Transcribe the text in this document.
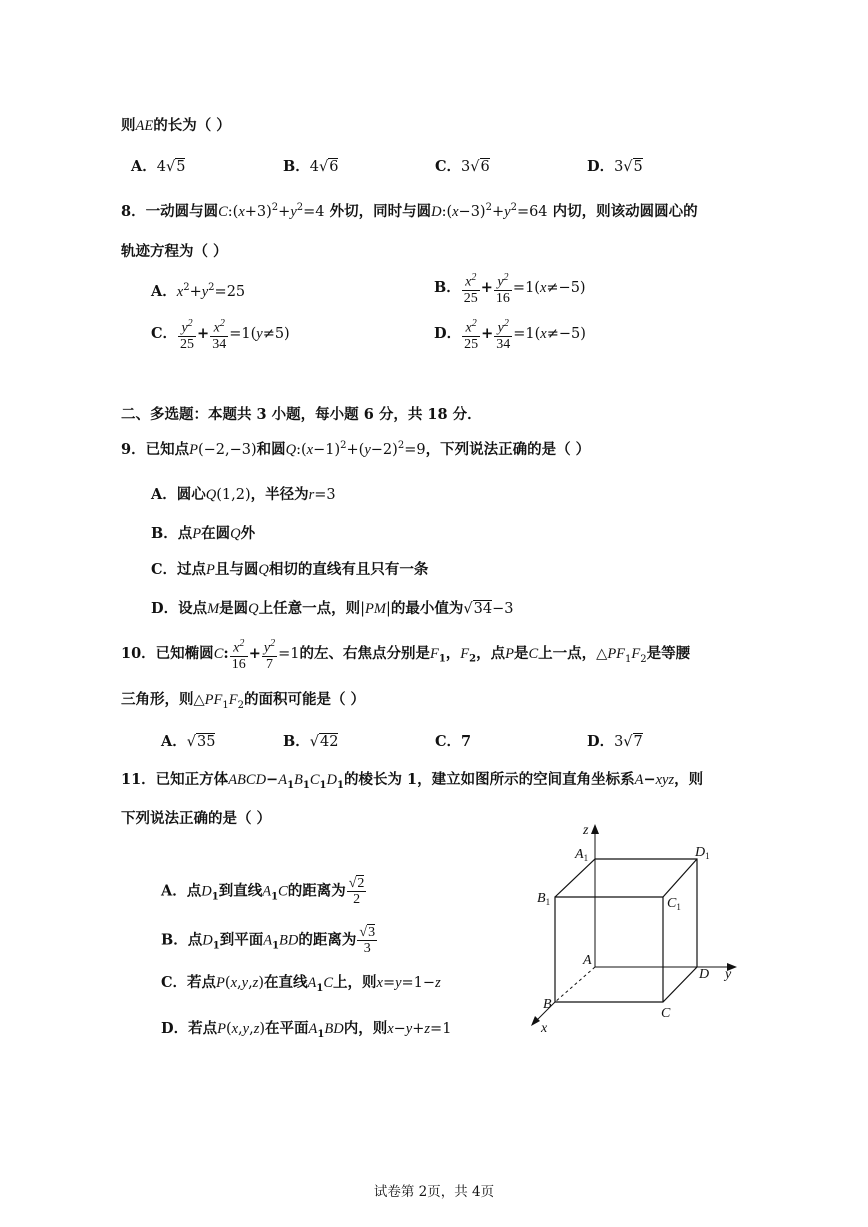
则AE的长为（ ）
A．4√5	B．4√6	C．3√6	D．3√5
8．一动圆与圆$C:(x+3)^2+y^2=4$ 外切，同时与圆$D:(x-3)^2+y^2=64$ 内切，则该动圆圆心的
轨迹方程为（ ）
A．$x^2+y^2=25$	B． $\frac{x^2}{25} + \frac{y^2}{16} =1(x\ne-5)$
C． $\frac{y^2}{25} + \frac{x^2}{34} =1(y\ne 5)$	D． $\frac{x^2}{25} + \frac{y^2}{34} =1(x\ne-5)$
二、多选题：本题共 3 小题，每小题 6 分，共 18 分．
9．已知点P(−2,−3)和圆$Q:(x-1)^2+(y-2)^2=9$，下列说法正确的是（ ）
A．圆心Q(1,2)，半径为r=3
B．点P在圆Q外
C．过点P且与圆Q相切的直线有且只有一条
D．设点M是圆Q上任意一点，则|PM|的最小值为√34−3
10．已知椭圆C: $\frac{x^2}{16} + \frac{y^2}{7} =1$的左、右焦点分别是$F_1$，$F_2$，点P是C上一点，$\triangle PF_1F_2$是等腰
三角形，则$\triangle PF_1F_2$的面积可能是（ ）
A．√35	B．√42	C．7	D．3√7
11．已知正方体$ABCD-A_1B_1C_1D_1$的棱长为 1，建立如图所示的空间直角坐标系A−xyz，则
下列说法正确的是（ ）
A．点$D_1$到直线$A_1C$的距离为 $\frac{√2}{2}$
B．点$D_1$到平面$A_1BD$的距离为 $\frac{√3}{3}$
C．若点P(x,y,z)在直线$A_1C$上，则x=y=1−z
D．若点P(x,y,z)在平面$A_1BD$内，则x−y+z=1
z
y
x
$A_1$	$D_1$
$B_1$	$C_1$
A
D
B
C
试卷第 2页，共 4页
